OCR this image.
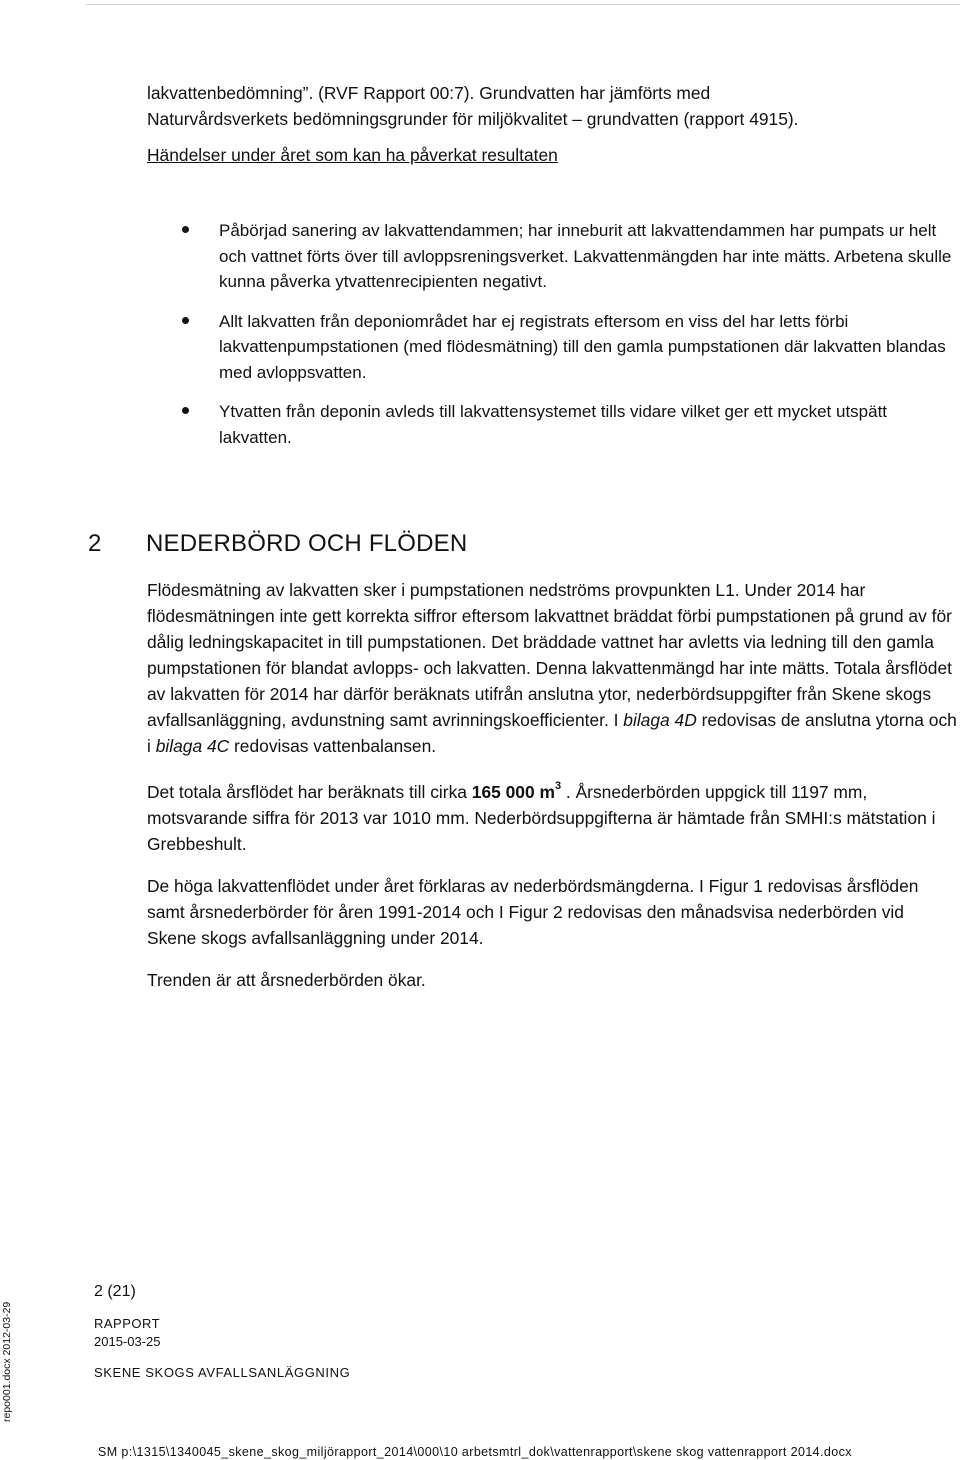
lakvattenbedömning”. (RVF Rapport 00:7). Grundvatten har jämförts med

Naturvårdsverkets bedömningsgrunder för miljökvalitet – grundvatten (rapport 4915).

Händelser under året som kan ha påverkat resultaten

Påbörjad sanering av lakvattendammen; har inneburit att lakvattendammen har pumpats ur helt och vattnet förts över till avloppsreningsverket. Lakvattenmängden har inte mätts. Arbetena skulle kunna påverka ytvattenrecipienten negativt.
Allt lakvatten från deponiområdet har ej registrats eftersom en viss del har letts förbi lakvattenpumpstationen (med flödesmätning) till den gamla pumpstationen där lakvatten blandas med avloppsvatten.
Ytvatten från deponin avleds till lakvattensystemet tills vidare vilket ger ett mycket utspätt lakvatten.
2 NEDERBÖRD OCH FLÖDEN

Flödesmätning av lakvatten sker i pumpstationen nedströms provpunkten L1. Under 2014 har flödesmätningen inte gett korrekta siffror eftersom lakvattnet bräddat förbi pumpstationen på grund av för dålig ledningskapacitet in till pumpstationen. Det bräddade vattnet har avletts via ledning till den gamla pumpstationen för blandat avlopps- och lakvatten. Denna lakvattenmängd har inte mätts. Totala årsflödet av lakvatten för 2014 har därför beräknats utifrån anslutna ytor, nederbördsuppgifter från Skene skogs avfallsanläggning, avdunstning samt avrinningskoefficienter. I bilaga 4D redovisas de anslutna ytorna och i bilaga 4C redovisas vattenbalansen.

Det totala årsflödet har beräknats till cirka 165 000 $m^3$ . Årsnederbörden uppgick till 1197 mm, motsvarande siffra för 2013 var 1010 mm. Nederbördsuppgifterna är hämtade från SMHI:s mätstation i Grebbeshult.

De höga lakvattenflödet under året förklaras av nederbördsmängderna. I Figur 1 redovisas årsflöden samt årsnederbörder för åren 1991-2014 och I Figur 2 redovisas den månadsvisa nederbörden vid Skene skogs avfallsanläggning under 2014.

Trenden är att årsnederbörden ökar.

2 (21)
RAPPORT
2015-03-25
SKENE SKOGS AVFALLSANLÄGGNING
SM p:\1315\1340045_skene_skog_miljörapport_2014\000\10 arbetsmtrl_dok\vattenrapport\skene skog vattenrapport 2014.docx
repo001.docx 2012-03-29
